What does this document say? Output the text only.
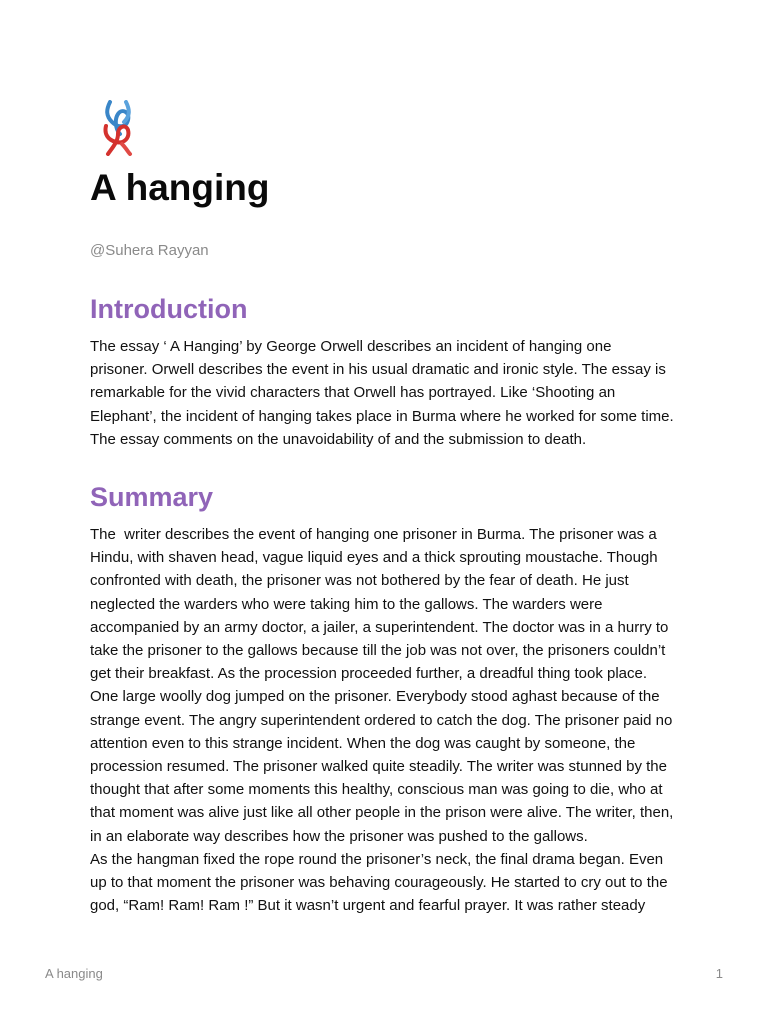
A hanging
@Suhera Rayyan
Introduction

The essay ‘ A Hanging’ by George Orwell describes an incident of hanging one
prisoner. Orwell describes the event in his usual dramatic and ironic style. The essay is
remarkable for the vivid characters that Orwell has portrayed. Like ‘Shooting an
Elephant’, the incident of hanging takes place in Burma where he worked for some time.
The essay comments on the unavoidability of and the submission to death.

Summary

The  writer describes the event of hanging one prisoner in Burma. The prisoner was a
Hindu, with shaven head, vague liquid eyes and a thick sprouting moustache. Though
confronted with death, the prisoner was not bothered by the fear of death. He just
neglected the warders who were taking him to the gallows. The warders were
accompanied by an army doctor, a jailer, a superintendent. The doctor was in a hurry to
take the prisoner to the gallows because till the job was not over, the prisoners couldn’t
get their breakfast. As the procession proceeded further, a dreadful thing took place.
One large woolly dog jumped on the prisoner. Everybody stood aghast because of the
strange event. The angry superintendent ordered to catch the dog. The prisoner paid no
attention even to this strange incident. When the dog was caught by someone, the
procession resumed. The prisoner walked quite steadily. The writer was stunned by the
thought that after some moments this healthy, conscious man was going to die, who at
that moment was alive just like all other people in the prison were alive. The writer, then,
in an elaborate way describes how the prisoner was pushed to the gallows.
As the hangman fixed the rope round the prisoner’s neck, the final drama began. Even
up to that moment the prisoner was behaving courageously. He started to cry out to the
god, “Ram! Ram! Ram !” But it wasn’t urgent and fearful prayer. It was rather steady

A hanging	1
